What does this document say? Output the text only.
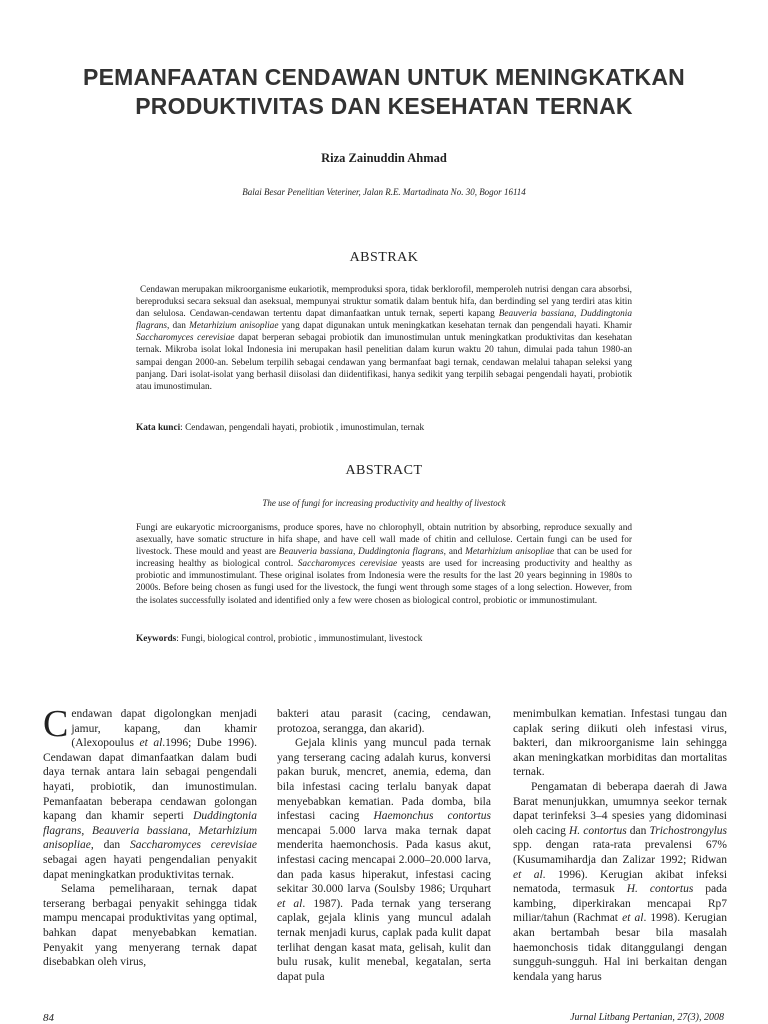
PEMANFAATAN CENDAWAN UNTUK MENINGKATKAN
PRODUKTIVITAS DAN KESEHATAN TERNAK
Riza Zainuddin Ahmad
Balai Besar Penelitian Veteriner, Jalan R.E. Martadinata No. 30, Bogor 16114
ABSTRAK

Cendawan merupakan mikroorganisme eukariotik, memproduksi spora, tidak berklorofil, memperoleh nutrisi dengan cara absorbsi, bereproduksi secara seksual dan aseksual, mempunyai struktur somatik dalam bentuk hifa, dan berdinding sel yang terdiri atas kitin dan selulosa. Cendawan-cendawan tertentu dapat dimanfaatkan untuk ternak, seperti kapang Beauveria bassiana, Duddingtonia flagrans, dan Metarhizium anisopliae yang dapat digunakan untuk meningkatkan kesehatan ternak dan pengendali hayati. Khamir Saccharomyces cerevisiae dapat berperan sebagai probiotik dan imunostimulan untuk meningkatkan produktivitas dan kesehatan ternak. Mikroba isolat lokal Indonesia ini merupakan hasil penelitian dalam kurun waktu 20 tahun, dimulai pada tahun 1980-an sampai dengan 2000-an. Sebelum terpilih sebagai cendawan yang bermanfaat bagi ternak, cendawan melalui tahapan seleksi yang panjang. Dari isolat-isolat yang berhasil diisolasi dan diidentifikasi, hanya sedikit yang terpilih sebagai pengendali hayati, probiotik atau imunostimulan.

Kata kunci: Cendawan, pengendali hayati, probiotik , imunostimulan, ternak
ABSTRACT
The use of fungi for increasing productivity and healthy of livestock

Fungi are eukaryotic microorganisms, produce spores, have no chlorophyll, obtain nutrition by absorbing, reproduce sexually and asexually, have somatic structure in hifa shape, and have cell wall made of chitin and cellulose. Certain fungi can be used for livestock. These mould and yeast are Beauveria bassiana, Duddingtonia flagrans, and Metarhizium anisopliae that can be used for increasing healthy as biological control. Saccharomyces cerevisiae yeasts are used for increasing productivity and healthy as probiotic and immunostimulant. These original isolates from Indonesia were the results for the last 20 years beginning in 1980s to 2000s. Before being chosen as fungi used for the livestock, the fungi went through some stages of a long selection. However, from the isolates successfully isolated and identified only a few were chosen as biological control, probiotic or immunostimulant.

Keywords: Fungi, biological control, probiotic , immunostimulant, livestock

Cendawan dapat digolongkan menjadi jamur, kapang, dan khamir (Alexopoulus et al.1996; Dube 1996). Cendawan dapat dimanfaatkan dalam budi daya ternak antara lain sebagai pengendali hayati, probiotik, dan imunostimulan. Pemanfaatan beberapa cendawan golongan kapang dan khamir seperti Duddingtonia flagrans, Beauveria bassiana, Metarhizium anisopliae, dan Saccharomyces cerevisiae sebagai agen hayati pengendalian penyakit dapat meningkatkan produktivitas ternak.

Selama pemeliharaan, ternak dapat terserang berbagai penyakit sehingga tidak mampu mencapai produktivitas yang optimal, bahkan dapat menyebabkan kematian. Penyakit yang menyerang ternak dapat disebabkan oleh virus,

bakteri atau parasit (cacing, cendawan, protozoa, serangga, dan akarid).

Gejala klinis yang muncul pada ternak yang terserang cacing adalah kurus, konversi pakan buruk, mencret, anemia, edema, dan bila infestasi cacing terlalu banyak dapat menyebabkan kematian. Pada domba, bila infestasi cacing Haemonchus contortus mencapai 5.000 larva maka ternak dapat menderita haemonchosis. Pada kasus akut, infestasi cacing mencapai 2.000–20.000 larva, dan pada kasus hiperakut, infestasi cacing sekitar 30.000 larva (Soulsby 1986; Urquhart et al. 1987). Pada ternak yang terserang caplak, gejala klinis yang muncul adalah ternak menjadi kurus, caplak pada kulit dapat terlihat dengan kasat mata, gelisah, kulit dan bulu rusak, kulit menebal, kegatalan, serta dapat pula

menimbulkan kematian. Infestasi tungau dan caplak sering diikuti oleh infestasi virus, bakteri, dan mikroorganisme lain sehingga akan meningkatkan morbiditas dan mortalitas ternak.

Pengamatan di beberapa daerah di Jawa Barat menunjukkan, umumnya seekor ternak dapat terinfeksi 3–4 spesies yang didominasi oleh cacing H. contortus dan Trichostrongylus spp. dengan rata-rata prevalensi 67% (Kusumamihardja dan Zalizar 1992; Ridwan et al. 1996). Kerugian akibat infeksi nematoda, termasuk H. contortus pada kambing, diperkirakan mencapai Rp7 miliar/tahun (Rachmat et al. 1998). Kerugian akan bertambah besar bila masalah haemonchosis tidak ditanggulangi dengan sungguh-sungguh. Hal ini berkaitan dengan kendala yang harus

84	Jurnal Litbang Pertanian, 27(3), 2008
